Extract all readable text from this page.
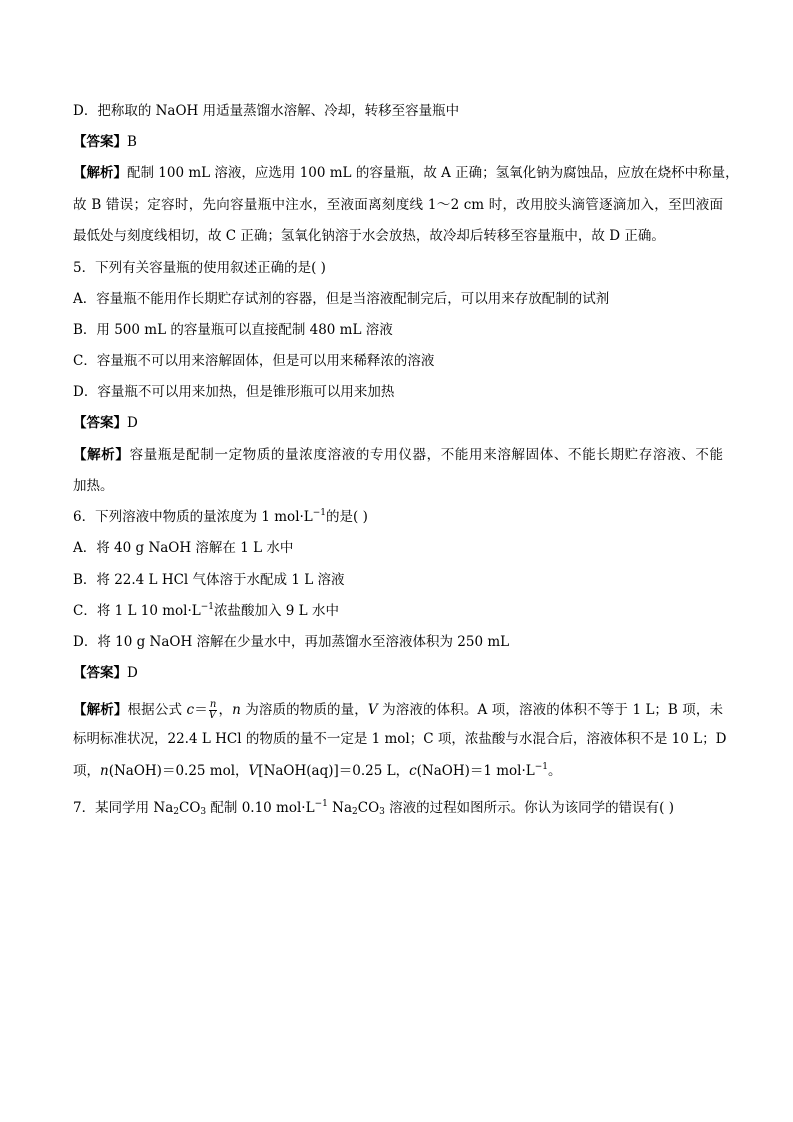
D．把称取的 NaOH 用适量蒸馏水溶解、冷却，转移至容量瓶中
【答案】B
【解析】配制 100 mL 溶液，应选用 100 mL 的容量瓶，故 A 正确；氢氧化钠为腐蚀品，应放在烧杯中称量，
故 B 错误；定容时，先向容量瓶中注水，至液面离刻度线 1～2 cm 时，改用胶头滴管逐滴加入，至凹液面
最低处与刻度线相切，故 C 正确；氢氧化钠溶于水会放热，故冷却后转移至容量瓶中，故 D 正确。
5．下列有关容量瓶的使用叙述正确的是( )
A．容量瓶不能用作长期贮存试剂的容器，但是当溶液配制完后，可以用来存放配制的试剂
B．用 500 mL 的容量瓶可以直接配制 480 mL 溶液
C．容量瓶不可以用来溶解固体，但是可以用来稀释浓的溶液
D．容量瓶不可以用来加热，但是锥形瓶可以用来加热
【答案】D
【解析】容量瓶是配制一定物质的量浓度溶液的专用仪器，不能用来溶解固体、不能长期贮存溶液、不能
加热。
6．下列溶液中物质的量浓度为 1 $mol\cdot L^{-1}$的是( )
A．将 40 g NaOH 溶解在 1 L 水中
B．将 22.4 L HCl 气体溶于水配成 1 L 溶液
C．将 1 L 10 $mol\cdot L^{-1}$浓盐酸加入 9 L 水中
D．将 10 g NaOH 溶解在少量水中，再加蒸馏水至溶液体积为 250 mL
【答案】D
【解析】根据公式 $c= \frac{n}{V}$ ，n 为溶质的物质的量，V 为溶液的体积。A 项，溶液的体积不等于 1 L；B 项，未
标明标准状况，22.4 L HCl 的物质的量不一定是 1 mol；C 项，浓盐酸与水混合后，溶液体积不是 10 L；D
项，n(NaOH)＝0.25 mol，V[NaOH(aq)]＝0.25 L，c(NaOH)＝1 $mol\cdot L^{-1}$。
7．某同学用 $Na_2CO_3$ 配制 0.10 $mol\cdot L^{-1}$ $Na_2CO_3$ 溶液的过程如图所示。你认为该同学的错误有( )
